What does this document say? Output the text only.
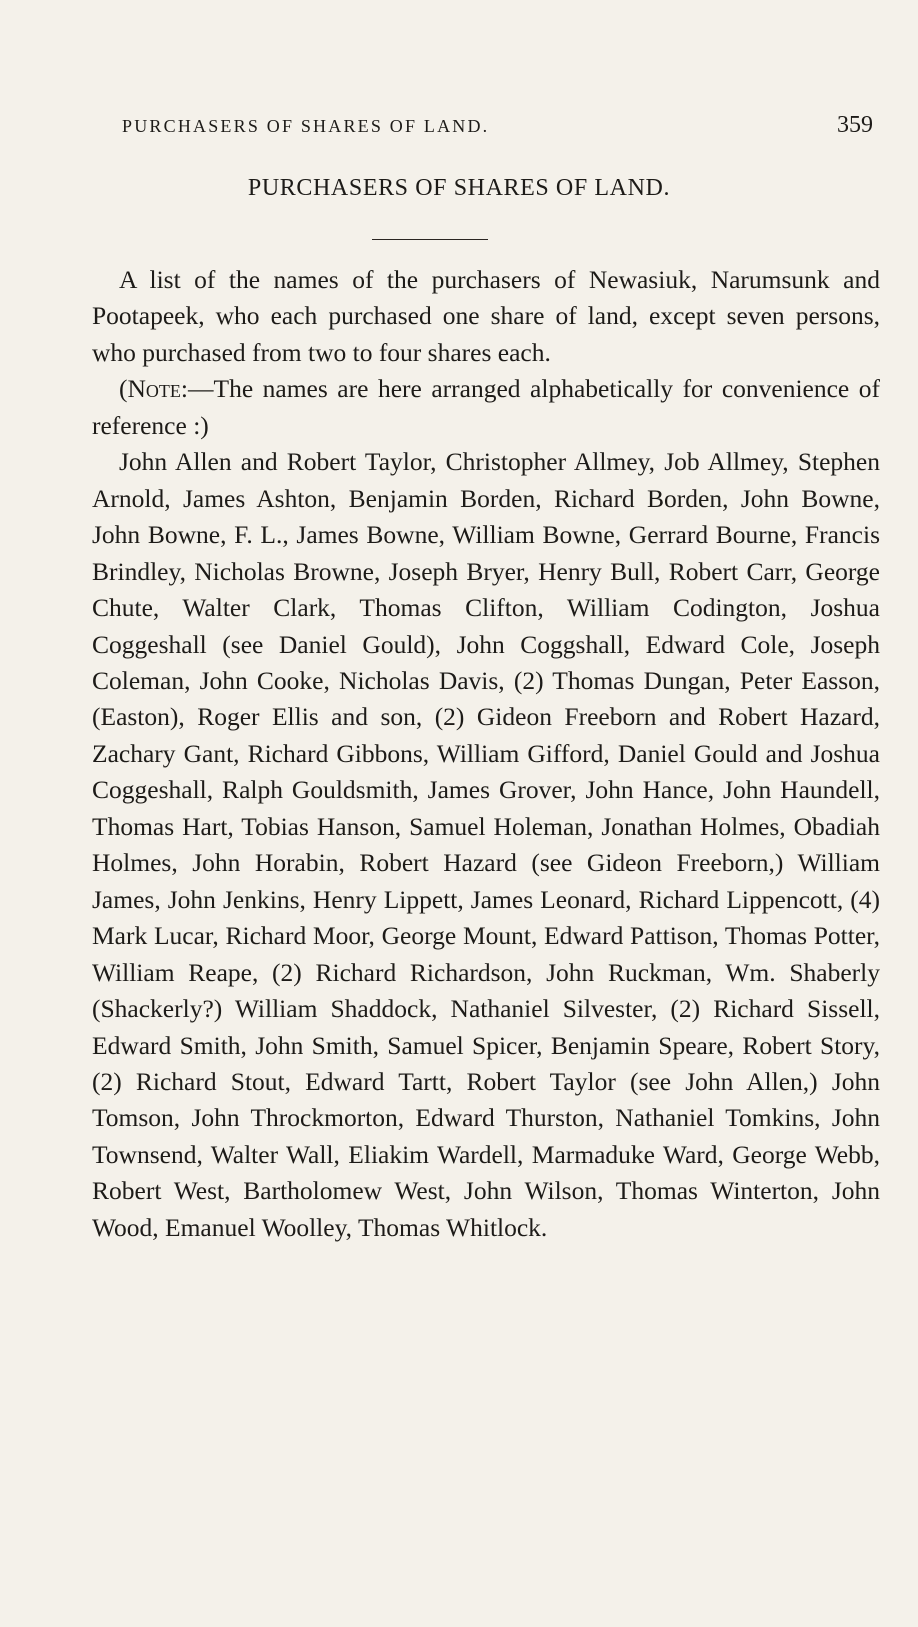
PURCHASERS OF SHARES OF LAND.	359
PURCHASERS OF SHARES OF LAND.

A list of the names of the purchasers of Newasiuk, Narumsunk and Pootapeek, who each purchased one share of land, except seven persons, who purchased from two to four shares each.

(Note:—The names are here arranged alphabetically for convenience of reference :)

John Allen and Robert Taylor, Christopher Allmey, Job Allmey, Stephen Arnold, James Ashton, Benjamin Borden, Richard Borden, John Bowne, John Bowne, F. L., James Bowne, William Bowne, Gerrard Bourne, Francis Brindley, Nicholas Browne, Joseph Bryer, Henry Bull, Robert Carr, George Chute, Walter Clark, Thomas Clifton, William Codington, Joshua Coggeshall (see Daniel Gould), John Coggshall, Edward Cole, Joseph Coleman, John Cooke, Nicholas Davis, (2) Thomas Dungan, Peter Easson, (Easton), Roger Ellis and son, (2) Gideon Freeborn and Robert Hazard, Zachary Gant, Richard Gibbons, William Gifford, Daniel Gould and Joshua Coggeshall, Ralph Gouldsmith, James Grover, John Hance, John Haundell, Thomas Hart, Tobias Hanson, Samuel Holeman, Jonathan Holmes, Obadiah Holmes, John Horabin, Robert Hazard (see Gideon Freeborn,) William James, John Jenkins, Henry Lippett, James Leonard, Richard Lippencott, (4) Mark Lucar, Richard Moor, George Mount, Edward Pattison, Thomas Potter, William Reape, (2) Richard Richardson, John Ruckman, Wm. Shaberly (Shackerly?) William Shaddock, Nathaniel Silvester, (2) Richard Sissell, Edward Smith, John Smith, Samuel Spicer, Benjamin Speare, Robert Story, (2) Richard Stout, Edward Tartt, Robert Taylor (see John Allen,) John Tomson, John Throckmorton, Edward Thurston, Nathaniel Tomkins, John Townsend, Walter Wall, Eliakim Wardell, Marmaduke Ward, George Webb, Robert West, Bartholomew West, John Wilson, Thomas Winterton, John Wood, Emanuel Woolley, Thomas Whitlock.
